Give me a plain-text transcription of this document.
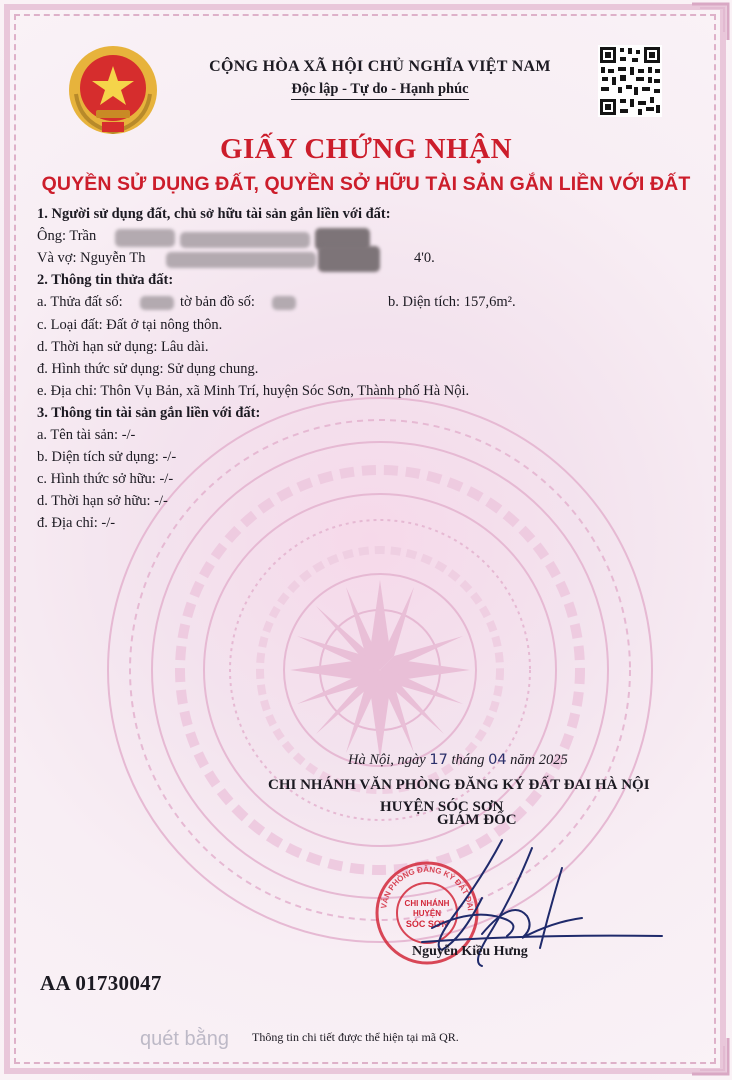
CỘNG HÒA XÃ HỘI CHỦ NGHĨA VIỆT NAM
Độc lập - Tự do - Hạnh phúc
GIẤY CHỨNG NHẬN
QUYỀN SỬ DỤNG ĐẤT, QUYỀN SỞ HỮU TÀI SẢN GẮN LIỀN VỚI ĐẤT
1. Người sử dụng đất, chủ sở hữu tài sản gắn liền với đất:
Ông: Trần
Và vợ: Nguyễn Th	4'0.
2. Thông tin thửa đất:
a. Thửa đất số:	tờ bản đồ số:	b. Diện tích: 157,6m².
c. Loại đất: Đất ở tại nông thôn.
d. Thời hạn sử dụng: Lâu dài.
đ. Hình thức sử dụng: Sử dụng chung.
e. Địa chỉ: Thôn Vụ Bản, xã Minh Trí, huyện Sóc Sơn, Thành phố Hà Nội.
3. Thông tin tài sản gắn liền với đất:
a. Tên tài sản: -/-
b. Diện tích sử dụng: -/-
c. Hình thức sở hữu: -/-
d. Thời hạn sở hữu: -/-
đ. Địa chỉ: -/-
Hà Nội, ngày 17 tháng 04 năm 2025
CHI NHÁNH VĂN PHÒNG ĐĂNG KÝ ĐẤT ĐAI HÀ NỘI
HUYỆN SÓC SƠN
GIÁM ĐỐC
VĂN PHÒNG ĐĂNG KÝ ĐẤT ĐAI
CHI NHÁNH
HUYỆN
SÓC SƠN
Nguyễn Kiều Hưng
AA 01730047
Thông tin chi tiết được thể hiện tại mã QR.
quét bằng
